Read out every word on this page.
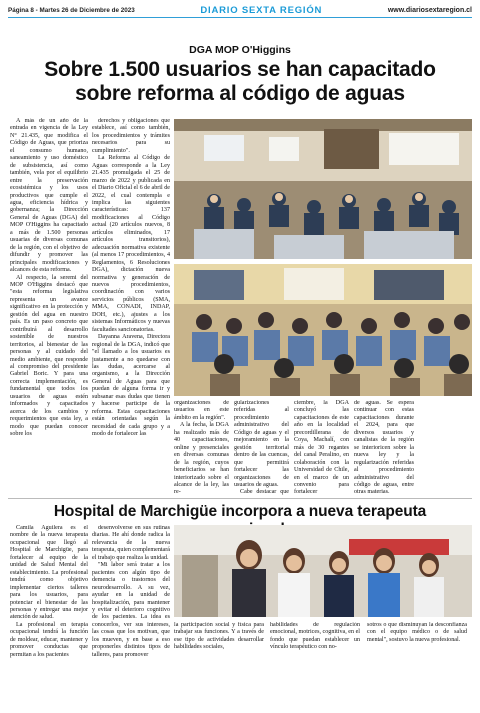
Página 8 - Martes 26 de Diciembre de 2023	DIARIO SEXTA REGIÓN	www.diariosextaregion.cl
DGA MOP O'Higgins
Sobre 1.500 usuarios se han capacitado
sobre reforma al código de aguas

A más de un año de la entrada en vigencia de la Ley N° 21.435, que modifica el Código de Aguas, que prioriza el consumo humano, saneamiento y uso doméstico de subsistencia, así como también, vela por el equilibrio entre la preservación ecosistémica y los usos productivos que cumple el agua, eficiencia hídrica y gobernanza; la Dirección General de Aguas (DGA) del MOP O'Higgins ha capacitado a más de 1.500 personas usuarias de diversas comunas de la región, con el objetivo de difundir y promover las principales modificaciones y alcances de esta reforma.

Al respecto, la seremi del MOP O'Higgins destacó que "esta reforma legislativa representa un avance significativo en la protección y gestión del agua en nuestro país. Es un paso concreto que contribuirá al desarrollo sostenible de nuestros territorios, al bienestar de las personas y al cuidado del medio ambiente, que responde al compromiso del presidente Gabriel Boric. Y para una correcta implementación, es fundamental que todos los usuarios de aguas estén informados y capacitados acerca de los cambios y requerimientos que esta ley, a modo que puedan conocer sobre los

derechos y obligaciones que establece, así como también, los procedimientos y trámites necesarios para su cumplimiento".

La Reforma al Código de Aguas corresponde a la Ley 21.435 promulgada el 25 de marzo de 2022 y publicada en el Diario Oficial el 6 de abril de 2022, el cual contempla e implica las siguientes características: 137 modificaciones al Código actual (20 artículos nuevos, 8 artículos eliminados, 17 artículos transitorios), adecuación normativa existente (al menos 17 procedimientos, 4 Reglamentos, 6 Resoluciones DGA), dictación nueva normativa y generación de nuevos procedimientos, coordinación con varios servicios públicos (SMA, MMA, CONADI, INDAP, DOH, etc.), ajustes a los sistemas Informáticos y nuevas facultades sancionatorias.

Dayanna Aravena, Directora regional de la DGA, indicó que "el llamado a los usuarios es justamente a no quedarse con las dudas, acercarse al organismo, a la Dirección General de Aguas para que puedan de alguna forma ir y subsanar esas dudas que tienen y hacerse participe de la reforma. Estas capacitaciones están orientadas según la necesidad de cada grupo y a modo de fortalecer las

organizaciones de usuarios en este ámbito en la región".

A la fecha, la DGA ha realizado más de 40 capacitaciones, online y presenciales en diversas comunas de la región, cuyos beneficiarios se han interiorizado sobre el alcance de la ley, las re-

gularizaciones referidas al procedimiento administrativo del Código de aguas y el mejoramiento en la gestión territorial dentro de las cuencas, que permitirá fortalecer las organizaciones de usuarios de aguas.

Cabe destacar que

ciembre, la DGA concluyó las capacitaciones de este año en la localidad precordillerana de Coya, Machalí, con más de 30 regantes del canal Peralino, en colaboración con la Universidad de Chile, en el marco de un convenio para fortalecer

de aguas. Se espera continuar con estas capacitaciones durante el 2024, para que diversos usuarios y canalistas de la región se interioricen sobre la nueva ley y la regularización referidas al procedimiento administrativo del código de aguas, entre otras materias.

Hospital de Marchigüe incorpora a nueva terapeuta

Camila Aguilera es el nombre de la nueva terapeuta ocupacional que llegó al Hospital de Marchigüe, para fortalecer al equipo de la unidad de Salud Mental del establecimiento. La profesional tendrá como objetivo implementar ciertos talleres para los usuarios, para potenciar el bienestar de las personas y entregar una mejor atención de salud.

La profesional en terapia ocupacional tendrá la función de moldear, educar, mantener y promover conductas que permitan a los pacientes

desenvolverse en sus rutinas diarias. He ahí donde radica la relevancia de la nueva terapeuta, quien complementará el trabajo que realiza la unidad.

"Mi labor será tratar a los pacientes con algún tipo de demencia o trastornos del neurodesarrollo. A su vez, ayudar en la unidad de hospitalización, para mantener y evitar el deterioro cognitivo de los pacientes. La idea es conocerlos, ver sus intereses, las cosas que los motivan, que los mueven, y en base a eso proponerles distintos tipos de talleres, para promover

la participación social y física para trabajar sus funciones. Y a través de ese tipo de actividades desarrollar habilidades sociales,

habilidades de regulación emocional, motrices, cognitiva, en el fondo que puedan establecer un vínculo terapéutico con no-

sotros o que disminuyan la desconfianza con el equipo médico o de salud mental", sostuvo la nueva profesional.
